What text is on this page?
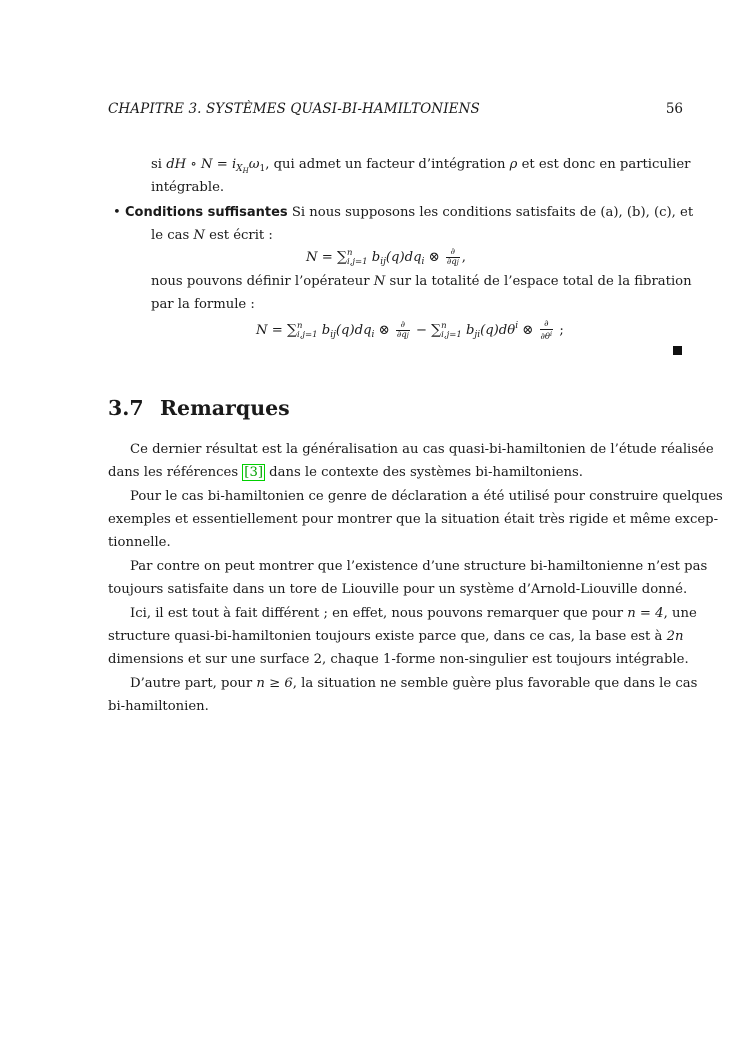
CHAPITRE 3. SYSTÈMES QUASI-BI-HAMILTONIENS	56
si dH ∘ $N = i_{X_H}\omega_1$, qui admet un facteur d’intégration ρ et est donc en particulier
intégrable.
• Conditions suffisantes Si nous supposons les conditions satisfaits de (a), (b), (c), et
le cas N est écrit :
N = ∑ n
i,j=1 $b_{ij}(q)dq_i$ ⊗ $\frac{\partial}{\partial qj}$ ,
nous pouvons définir l’opérateur N sur la totalité de l’espace total de la fibration
par la formule :
N = ∑ n
i,j=1 $b_{ij}(q)dq_i$ ⊗ $\frac{\partial}{\partial qj}$ − ∑ n
i,j=1 $b_{ji}(q)d\theta^i$ ⊗ $\frac{\partial}{\partial\theta^i}$ ;
3.7 Remarques
Ce dernier résultat est la généralisation au cas quasi-bi-hamiltonien de l’étude réalisée
dans les références [3] dans le contexte des systèmes bi-hamiltoniens.
Pour le cas bi-hamiltonien ce genre de déclaration a été utilisé pour construire quelques
exemples et essentiellement pour montrer que la situation était très rigide et même excep-
tionnelle.
Par contre on peut montrer que l’existence d’une structure bi-hamiltonienne n’est pas
toujours satisfaite dans un tore de Liouville pour un système d’Arnold-Liouville donné.
Ici, il est tout à fait différent ; en effet, nous pouvons remarquer que pour n = 4, une
structure quasi-bi-hamiltonien toujours existe parce que, dans ce cas, la base est à 2n
dimensions et sur une surface 2, chaque 1-forme non-singulier est toujours intégrable.
D’autre part, pour n ≥ 6, la situation ne semble guère plus favorable que dans le cas
bi-hamiltonien.
